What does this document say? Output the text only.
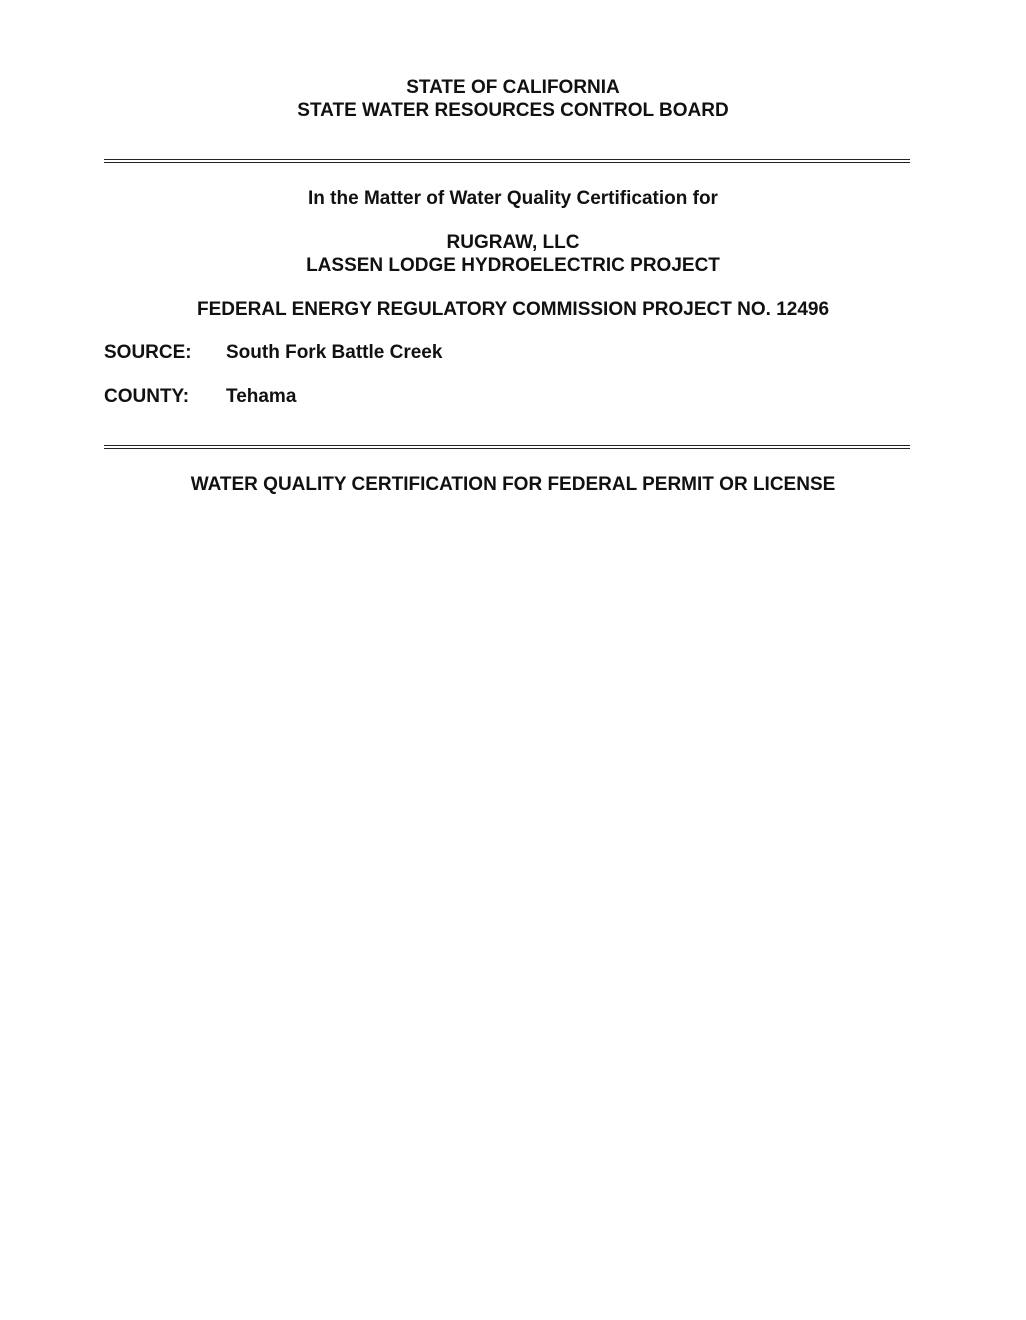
STATE OF CALIFORNIA

STATE WATER RESOURCES CONTROL BOARD

In the Matter of Water Quality Certification for

RUGRAW, LLC

LASSEN LODGE HYDROELECTRIC PROJECT

FEDERAL ENERGY REGULATORY COMMISSION PROJECT NO. 12496

SOURCE: South Fork Battle Creek
COUNTY: Tehama

WATER QUALITY CERTIFICATION FOR FEDERAL PERMIT OR LICENSE
